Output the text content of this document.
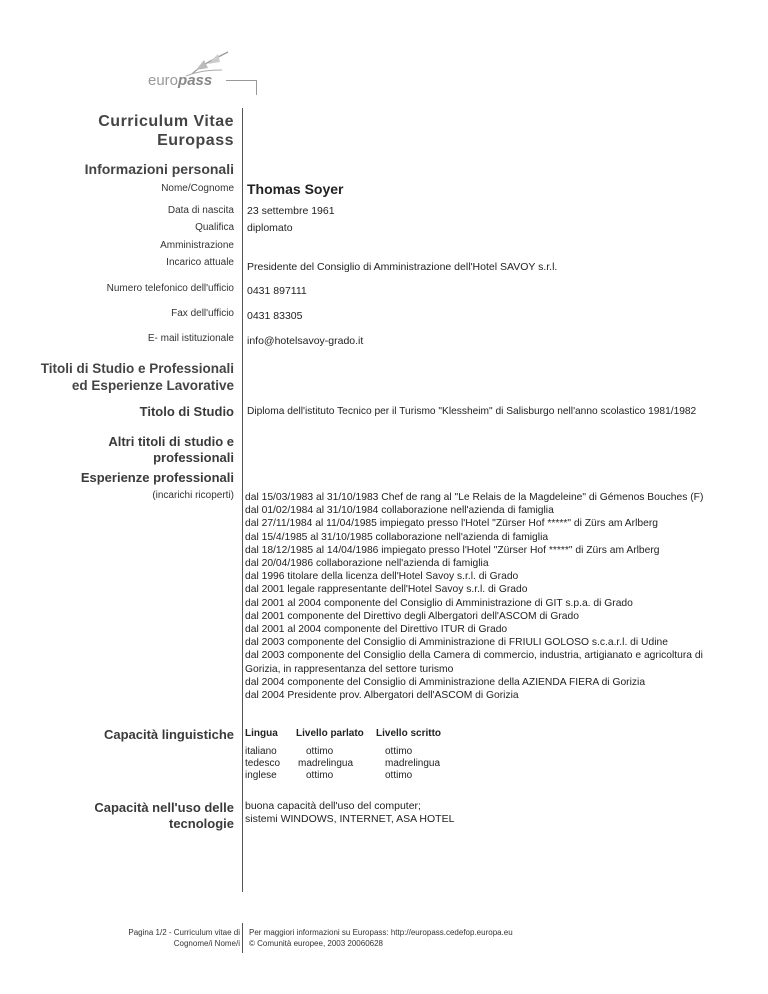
europass
Curriculum Vitae
Europass
Informazioni personali
Nome/Cognome Thomas Soyer
Data di nascita 23 settembre 1961
Qualifica diplomato
Amministrazione
Incarico attuale Presidente del Consiglio di Amministrazione dell'Hotel SAVOY s.r.l.
Numero telefonico dell'ufficio 0431 897111
Fax dell'ufficio 0431 83305
E- mail istituzionale info@hotelsavoy-grado.it
Titoli di Studio e Professionali
ed Esperienze Lavorative
Titolo di Studio Diploma dell'istituto Tecnico per il Turismo "Klessheim" di Salisburgo nell'anno scolastico 1981/1982
Altri titoli di studio e
professionali
Esperienze professionali
(incarichi ricoperti) dal 15/03/1983 al 31/10/1983 Chef de rang al "Le Relais de la Magdeleine" di Gémenos Bouches (F)
dal 01/02/1984 al 31/10/1984 collaborazione nell'azienda di famiglia
dal 27/11/1984 al 11/04/1985 impiegato presso l'Hotel "Zürser Hof *****" di Zürs am Arlberg
dal 15/4/1985 al 31/10/1985 collaborazione nell'azienda di famiglia
dal 18/12/1985 al 14/04/1986 impiegato presso l'Hotel "Zürser Hof *****" di Zürs am Arlberg
dal 20/04/1986 collaborazione nell'azienda di famiglia
dal 1996 titolare della licenza dell'Hotel Savoy s.r.l. di Grado
dal 2001 legale rappresentante dell'Hotel Savoy s.r.l. di Grado
dal 2001 al 2004 componente del Consiglio di Amministrazione di GIT s.p.a. di Grado
dal 2001 componente del Direttivo degli Albergatori dell'ASCOM di Grado
dal 2001 al 2004 componente del Direttivo ITUR di Grado
dal 2003 componente del Consiglio di Amministrazione di FRIULI GOLOSO s.c.a.r.l. di Udine
dal 2003 componente del Consiglio della Camera di commercio, industria, artigianato e agricoltura di
Gorizia, in rappresentanza del settore turismo
dal 2004 componente del Consiglio di Amministrazione della AZIENDA FIERA di Gorizia
dal 2004 Presidente prov. Albergatori dell'ASCOM di Gorizia
Capacità linguistiche Lingua Livello parlato Livello scritto
italiano
tedesco
inglese
ottimo
madrelingua
ottimo
ottimo
madrelingua
ottimo
Capacità nell'uso delle
tecnologie
buona capacità dell'uso del computer;
sistemi WINDOWS, INTERNET, ASA HOTEL
Pagina 1/2 - Curriculum vitae di
Cognome/i Nome/i
Per maggiori informazioni su Europass: http://europass.cedefop.europa.eu
© Comunità europee, 2003 20060628
